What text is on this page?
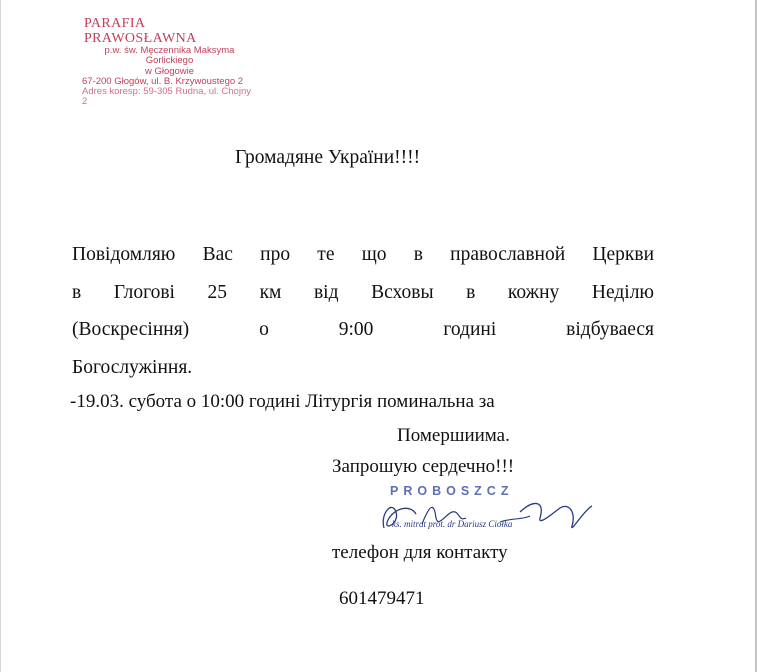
PARAFIA PRAWOSŁAWNA
p.w. św. Męczennika Maksyma Gorlickiego
w Głogowie
67-200 Głogów, ul. B. Krzywoustego 2
Adres koresp: 59-305 Rudna, ul. Chojny 2
Громадяне України!!!!
Повідомляю Вас про те що в православной Церкви
в Глогові 25 км від Всховы в кожну Неділю
(Воскресіння) о 9:00 годині відбуваеся
Богослужіння.
-19.03. субота о 10:00 годині Літургія поминальна за
Помершиима.
Запрошую сердечно!!!
PROBOSZCZ
ks. mitrat prot. dr Dariusz Ciołka
телефон для контакту
601479471
